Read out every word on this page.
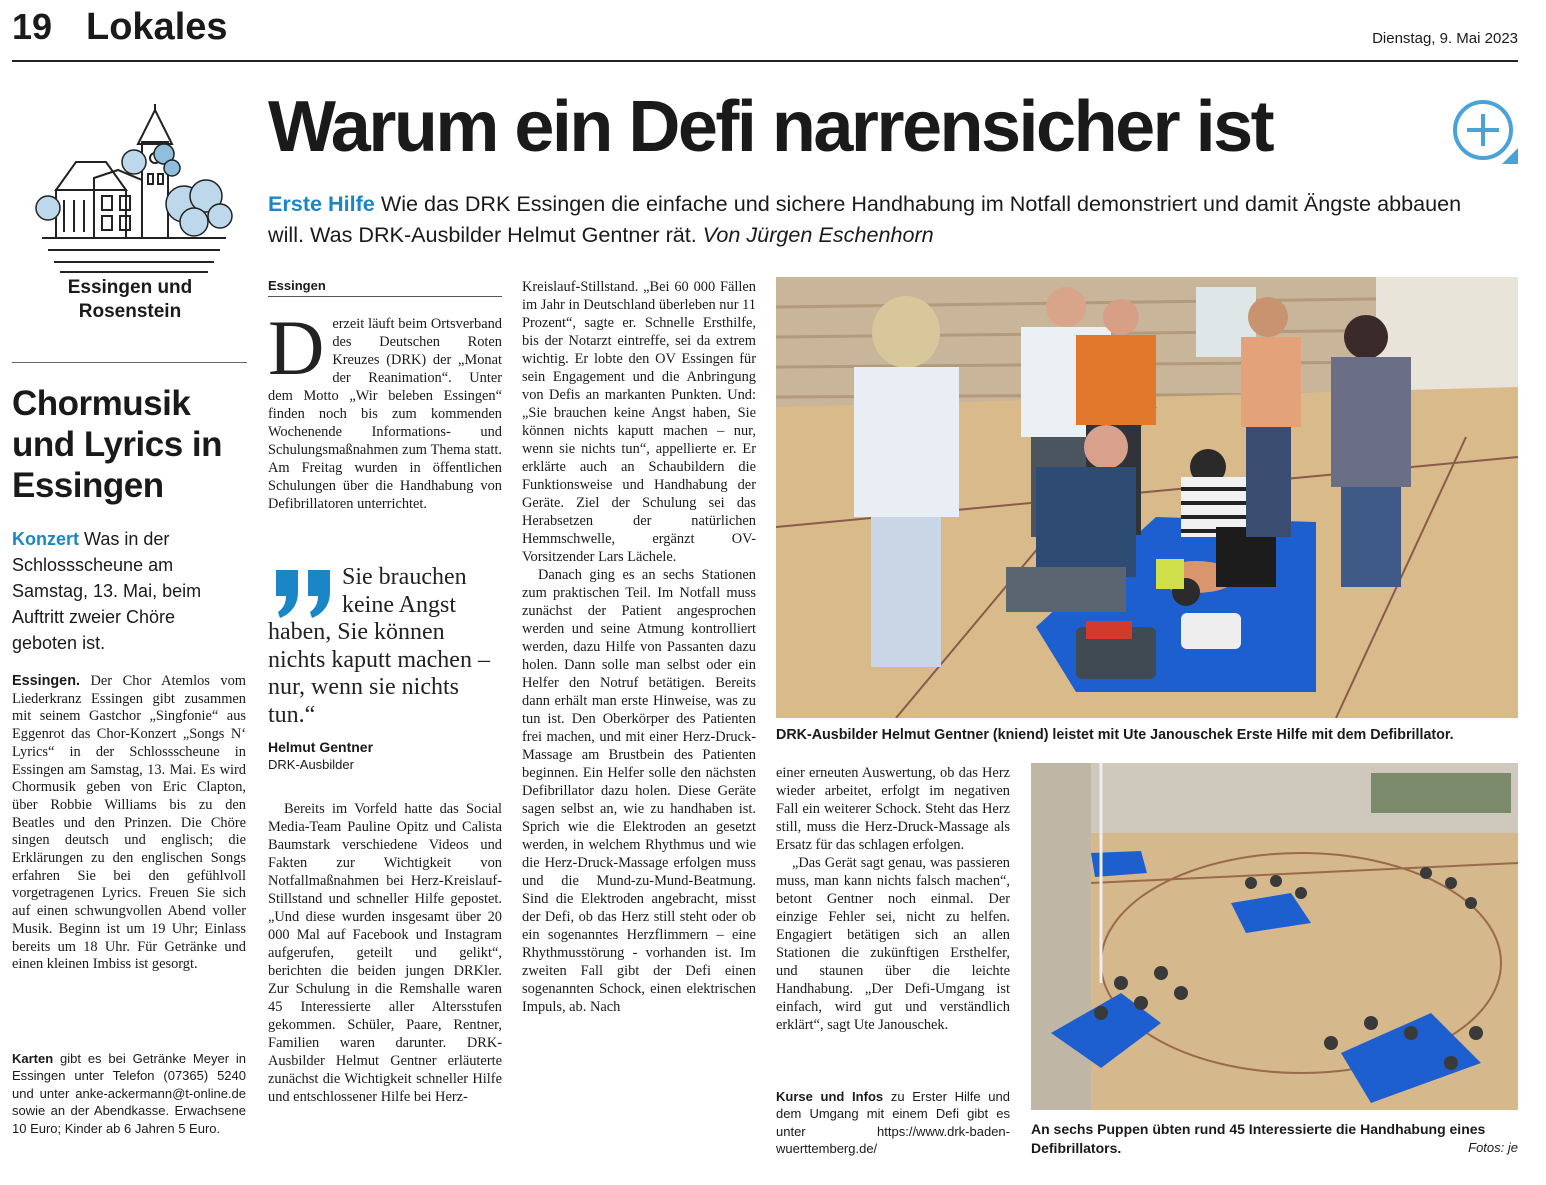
19 Lokales	Dienstag, 9. Mai 2023
Essingen und Rosenstein
Chormusik und Lyrics in Essingen
Konzert Was in der Schlossscheune am Samstag, 13. Mai, beim Auftritt zweier Chöre geboten ist.
Essingen. Der Chor Atemlos vom Liederkranz Essingen gibt zusammen mit seinem Gastchor „Singfonie“ aus Eggenrot das Chor-Konzert „Songs N‘ Lyrics“ in der Schlossscheune in Essingen am Samstag, 13. Mai. Es wird Chormusik geben von Eric Clapton, über Robbie Williams bis zu den Beatles und den Prinzen. Die Chöre singen deutsch und englisch; die Erklärungen zu den englischen Songs erfahren Sie bei den gefühlvoll vorgetragenen Lyrics. Freuen Sie sich auf einen schwungvollen Abend voller Musik. Beginn ist um 19 Uhr; Einlass bereits um 18 Uhr. Für Getränke und einen kleinen Imbiss ist gesorgt.
Karten gibt es bei Getränke Meyer in Essingen unter Telefon (07365) 5240 und unter anke-ackermann@t-online.de sowie an der Abendkasse. Erwachsene 10 Euro; Kinder ab 6 Jahren 5 Euro.
Warum ein Defi narrensicher ist
Erste Hilfe Wie das DRK Essingen die einfache und sichere Handhabung im Notfall demonstriert und damit Ängste abbauen will. Was DRK-Ausbilder Helmut Gentner rät. Von Jürgen Eschenhorn
Essingen
D erzeit läuft beim Ortsverband des Deutschen Roten Kreuzes (DRK) der „Monat der Reanimation“. Unter dem Motto „Wir beleben Essingen“ finden noch bis zum kommenden Wochenende Informations- und Schulungsmaßnahmen zum Thema statt. Am Freitag wurden in öffentlichen Schulungen über die Handhabung von Defibrillatoren unterrichtet.

Sie brauchen keine Angst haben, Sie können nichts kaputt machen – nur, wenn sie nichts tun.“
Helmut Gentner
DRK-Ausbilder

Bereits im Vorfeld hatte das Social Media-Team Pauline Opitz und Calista Baumstark verschiedene Videos und Fakten zur Wichtigkeit von Notfallmaßnahmen bei Herz-Kreislauf-Stillstand und schneller Hilfe gepostet. „Und diese wurden insgesamt über 20 000 Mal auf Facebook und Instagram aufgerufen, geteilt und gelikt“, berichten die beiden jungen DRKler. Zur Schulung in die Remshalle waren 45 Interessierte aller Altersstufen gekommen. Schüler, Paare, Rentner, Familien waren darunter. DRK-Ausbilder Helmut Gentner erläuterte zunächst die Wichtigkeit schneller Hilfe und entschlossener Hilfe bei Herz-

Kreislauf-Stillstand. „Bei 60 000 Fällen im Jahr in Deutschland überleben nur 11 Prozent“, sagte er. Schnelle Ersthilfe, bis der Notarzt eintreffe, sei da extrem wichtig. Er lobte den OV Essingen für sein Engagement und die Anbringung von Defis an markanten Punkten. Und: „Sie brauchen keine Angst haben, Sie können nichts kaputt machen – nur, wenn sie nichts tun“, appellierte er. Er erklärte auch an Schaubildern die Funktionsweise und Handhabung der Geräte. Ziel der Schulung sei das Herabsetzen der natürlichen Hemmschwelle, ergänzt OV-Vorsitzender Lars Lächele.

Danach ging es an sechs Stationen zum praktischen Teil. Im Notfall muss zunächst der Patient angesprochen werden und seine Atmung kontrolliert werden, dazu Hilfe von Passanten dazu holen. Dann solle man selbst oder ein Helfer den Notruf betätigen. Bereits dann erhält man erste Hinweise, was zu tun ist. Den Oberkörper des Patienten frei machen, und mit einer Herz-Druck-Massage am Brustbein des Patienten beginnen. Ein Helfer solle den nächsten Defibrillator dazu holen. Diese Geräte sagen selbst an, wie zu handhaben ist. Sprich wie die Elektroden an gesetzt werden, in welchem Rhythmus und wie die Herz-Druck-Massage erfolgen muss und die Mund-zu-Mund-Beatmung. Sind die Elektroden angebracht, misst der Defi, ob das Herz still steht oder ob ein sogenanntes Herzflimmern – eine Rhythmusstörung - vorhanden ist. Im zweiten Fall gibt der Defi einen sogenannten Schock, einen elektrischen Impuls, ab. Nach

einer erneuten Auswertung, ob das Herz wieder arbeitet, erfolgt im negativen Fall ein weiterer Schock. Steht das Herz still, muss die Herz-Druck-Massage als Ersatz für das schlagen erfolgen.

„Das Gerät sagt genau, was passieren muss, man kann nichts falsch machen“, betont Gentner noch einmal. Der einzige Fehler sei, nicht zu helfen. Engagiert betätigen sich an allen Stationen die zukünftigen Ersthelfer, und staunen über die leichte Handhabung. „Der Defi-Umgang ist einfach, wird gut und verständlich erklärt“, sagt Ute Janouschek.

Kurse und Infos zu Erster Hilfe und dem Umgang mit einem Defi gibt es unter https://www.drk-baden-wuerttemberg.de/
DRK-Ausbilder Helmut Gentner (kniend) leistet mit Ute Janouschek Erste Hilfe mit dem Defibrillator.
An sechs Puppen übten rund 45 Interessierte die Handhabung eines Defibrillators.	Fotos: je
